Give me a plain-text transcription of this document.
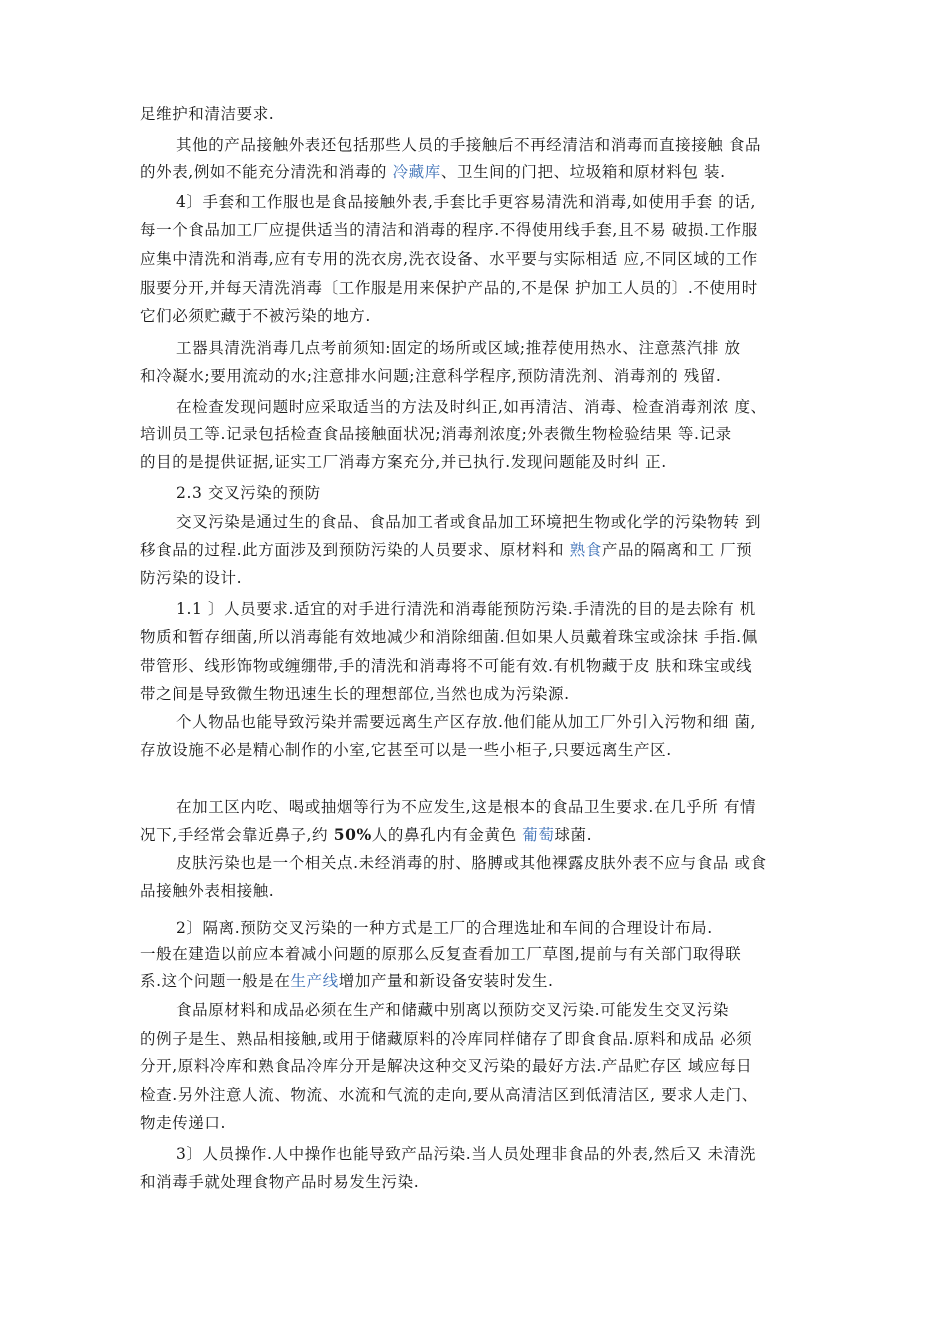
足维护和清洁要求.
其他的产品接触外表还包括那些人员的手接触后不再经清洁和消毒而直接接触 食品
的外表,例如不能充分清洗和消毒的 冷藏库、卫生间的门把、垃圾箱和原材料包 装.
4〕手套和工作服也是食品接触外表,手套比手更容易清洗和消毒,如使用手套 的话,
每一个食品加工厂应提供适当的清洁和消毒的程序.不得使用线手套,且不易 破损.工作服
应集中清洗和消毒,应有专用的洗衣房,洗衣设备、水平要与实际相适 应,不同区域的工作
服要分开,并每天清洗消毒〔工作服是用来保护产品的,不是保 护加工人员的〕.不使用时
它们必须贮藏于不被污染的地方.
工器具清洗消毒几点考前须知:固定的场所或区域;推荐使用热水、注意蒸汽排 放
和冷凝水;要用流动的水;注意排水问题;注意科学程序,预防清洗剂、消毒剂的 残留.
在检查发现问题时应采取适当的方法及时纠正,如再清洁、消毒、检查消毒剂浓 度、
培训员工等.记录包括检查食品接触面状况;消毒剂浓度;外表微生物检验结果 等.记录
的目的是提供证据,证实工厂消毒方案充分,并已执行.发现问题能及时纠 正.
2.3 交叉污染的预防
交叉污染是通过生的食品、食品加工者或食品加工环境把生物或化学的污染物转 到
移食品的过程.此方面涉及到预防污染的人员要求、原材料和 熟食产品的隔离和工 厂预
防污染的设计.
1.1 〕人员要求.适宜的对手进行清洗和消毒能预防污染.手清洗的目的是去除有 机
物质和暂存细菌,所以消毒能有效地减少和消除细菌.但如果人员戴着珠宝或涂抹 手指.佩
带管形、线形饰物或缠绷带,手的清洗和消毒将不可能有效.有机物藏于皮 肤和珠宝或线
带之间是导致微生物迅速生长的理想部位,当然也成为污染源.
个人物品也能导致污染并需要远离生产区存放.他们能从加工厂外引入污物和细 菌,
存放设施不必是精心制作的小室,它甚至可以是一些小柜子,只要远离生产区.
在加工区内吃、喝或抽烟等行为不应发生,这是根本的食品卫生要求.在几乎所 有情
况下,手经常会靠近鼻子,约 50%人的鼻孔内有金黄色 葡萄球菌.
皮肤污染也是一个相关点.未经消毒的肘、胳膊或其他裸露皮肤外表不应与食品 或食
品接触外表相接触.
2〕隔离.预防交叉污染的一种方式是工厂的合理选址和车间的合理设计布局.
一般在建造以前应本着减小问题的原那么反复查看加工厂草图,提前与有关部门取得联
系.这个问题一般是在生产线增加产量和新设备安装时发生.
食品原材料和成品必须在生产和储藏中别离以预防交叉污染.可能发生交叉污染
的例子是生、熟品相接触,或用于储藏原料的冷库同样储存了即食食品.原料和成品 必须
分开,原料冷库和熟食品冷库分开是解决这种交叉污染的最好方法.产品贮存区 域应每日
检查.另外注意人流、物流、水流和气流的走向,要从高清洁区到低清洁区, 要求人走门、
物走传递口.
3〕人员操作.人中操作也能导致产品污染.当人员处理非食品的外表,然后又 未清洗
和消毒手就处理食物产品时易发生污染.
